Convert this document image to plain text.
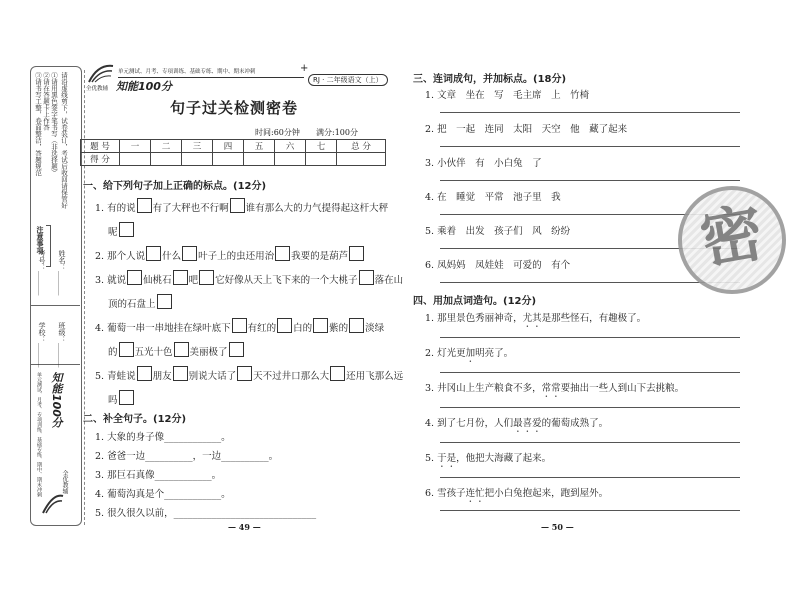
①请用黑色签字笔书写（非选择题）
②请在答题卡上作答
③请书写工整，卷面整洁，答题规范	请沿虚线剪下，试卷装订，考试后收回请保管好
注意事项
学校：_______
班级：_______
姓名：_______
考号：_______
知能100分
单元测试、月考、专项训练、基础专练、期中、期末冲刺	全优教辅
全优教辅
单元测试、月考、专项训练、基础专练、期中、期末冲刺
知能100分
+
RJ · 二年级语文（上）
句子过关检测密卷
时间:60分钟 满分:100分
题 号	一	二	三	四	五	六	七	总 分
得 分								
一、给下列句子加上正确的标点。(12分)
1. 有的说 有了大秤也不行啊 谁有那么大的力气提得起这杆大秤
呢
2. 那个人说 什么 叶子上的虫还用治 我要的是葫芦
3. 就说 仙桃石 吧 它好像从天上飞下来的一个大桃子 落在山
顶的石盘上
4. 葡萄一串一串地挂在绿叶底下 有红的 白的 紫的 淡绿
的 五光十色 美丽极了
5. 青蛙说 朋友 别说大话了 天不过井口那么大 还用飞那么远
吗
二、补全句子。(12分)
1. 大象的身子像____________。
2. 爸爸一边__________，一边__________。
3. 那巨石真像____________。
4. 葡萄沟真是个____________。
5. 很久很久以前，______________________________
— 49 —
三、连词成句，并加标点。(18分)
1. 文章　坐在　写　毛主席　上　竹椅
2. 把　一起　连同　太阳　天空　他　藏了起来
3. 小伙伴　有　小白兔　了
4. 在　睡觉　平常　池子里　我
5. 乘着　出发　孩子们　风　纷纷
6. 凤妈妈　凤娃娃　可爱的　有个
四、用加点词造句。(12分)
1. 那里景色秀丽神奇，尤其是那些怪石，有趣极了。
2. 灯光更加明亮了。
3. 井冈山上生产粮食不多，常常要抽出一些人到山下去挑粮。
4. 到了七月份，人们最喜爱的葡萄成熟了。
5. 于是，他把大海藏了起来。
6. 雪孩子连忙把小白兔抱起来，跑到屋外。
— 50 —
密
